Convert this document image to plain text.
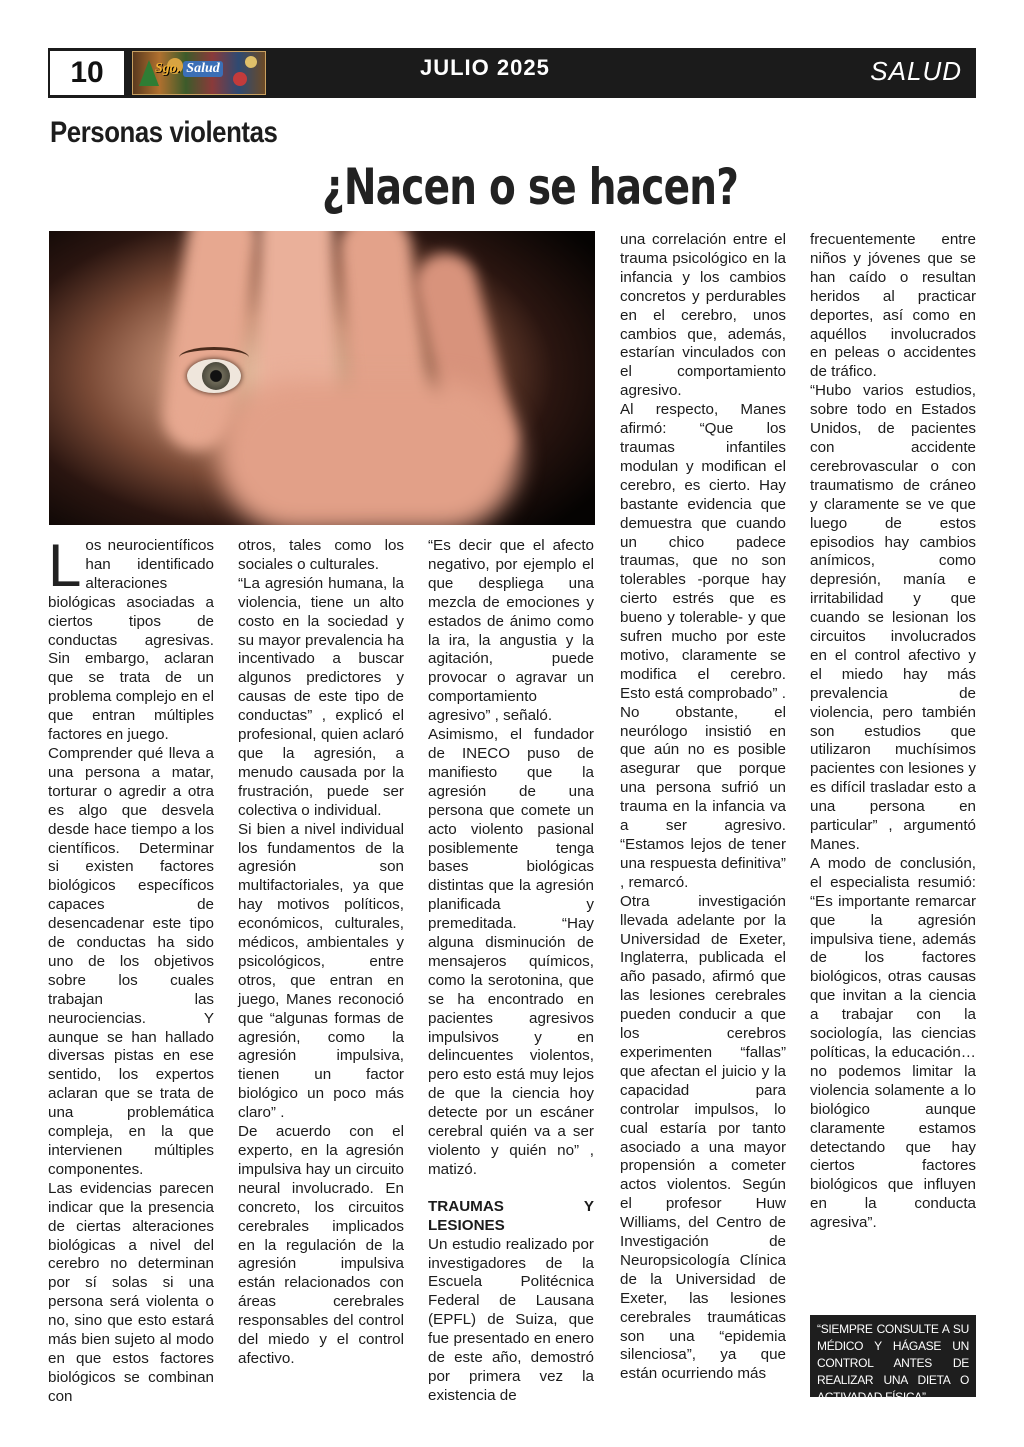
10	Sgo. Salud	JULIO 2025	SALUD
Personas violentas
¿Nacen o se hacen?

Los neurocientíficos han identificado alteraciones biológicas asociadas a ciertos tipos de conductas agresivas. Sin embargo, aclaran que se trata de un problema complejo en el que entran múltiples factores en juego.

Comprender qué lleva a una persona a matar, torturar o agredir a otra es algo que desvela desde hace tiempo a los científicos. Determinar si existen factores biológicos específicos capaces de desencadenar este tipo de conductas ha sido uno de los objetivos sobre los cuales trabajan las neurociencias. Y aunque se han hallado diversas pistas en ese sentido, los expertos aclaran que se trata de una problemática compleja, en la que intervienen múltiples componentes.

Las evidencias parecen indicar que la presencia de ciertas alteraciones biológicas a nivel del cerebro no determinan por sí solas si una persona será violenta o no, sino que esto estará más bien sujeto al modo en que estos factores biológicos se combinan con

otros, tales como los sociales o culturales.

“La agresión humana, la violencia, tiene un alto costo en la sociedad y su mayor prevalencia ha incentivado a buscar algunos predictores y causas de este tipo de conductas” , explicó el profesional, quien aclaró que la agresión, a menudo causada por la frustración, puede ser colectiva o individual.

Si bien a nivel individual los fundamentos de la agresión son multifactoriales, ya que hay motivos políticos, económicos, culturales, médicos, ambientales y psicológicos, entre otros, que entran en juego, Manes reconoció que “algunas formas de agresión, como la agresión impulsiva, tienen un factor biológico un poco más claro” .

De acuerdo con el experto, en la agresión impulsiva hay un circuito neural involucrado. En concreto, los circuitos cerebrales implicados en la regulación de la agresión impulsiva están relacionados con áreas cerebrales responsables del control del miedo y el control afectivo.

“Es decir que el afecto negativo, por ejemplo el que despliega una mezcla de emociones y estados de ánimo como la ira, la angustia y la agitación, puede provocar o agravar un comportamiento agresivo” , señaló.

Asimismo, el fundador de INECO puso de manifiesto que la agresión de una persona que comete un acto violento pasional posiblemente tenga bases biológicas distintas que la agresión planificada y premeditada. “Hay alguna disminución de mensajeros químicos, como la serotonina, que se ha encontrado en pacientes agresivos impulsivos y en delincuentes violentos, pero esto está muy lejos de que la ciencia hoy detecte por un escáner cerebral quién va a ser violento y quién no” , matizó.

TRAUMAS Y LESIONES

Un estudio realizado por investigadores de la Escuela Politécnica Federal de Lausana (EPFL) de Suiza, que fue presentado en enero de este año, demostró por primera vez la existencia de

una correlación entre el trauma psicológico en la infancia y los cambios concretos y perdurables en el cerebro, unos cambios que, además, estarían vinculados con el comportamiento agresivo.

Al respecto, Manes afirmó: “Que los traumas infantiles modulan y modifican el cerebro, es cierto. Hay bastante evidencia que demuestra que cuando un chico padece traumas, que no son tolerables -porque hay cierto estrés que es bueno y tolerable- y que sufren mucho por este motivo, claramente se modifica el cerebro. Esto está comprobado” . No obstante, el neurólogo insistió en que aún no es posible asegurar que porque una persona sufrió un trauma en la infancia va a ser agresivo. “Estamos lejos de tener una respuesta definitiva” , remarcó.

Otra investigación llevada adelante por la Universidad de Exeter, Inglaterra, publicada el año pasado, afirmó que las lesiones cerebrales pueden conducir a que los cerebros experimenten “fallas” que afectan el juicio y la capacidad para controlar impulsos, lo cual estaría por tanto asociado a una mayor propensión a cometer actos violentos. Según el profesor Huw Williams, del Centro de Investigación de Neuropsicología Clínica de la Universidad de Exeter, las lesiones cerebrales traumáticas son una “epidemia silenciosa”, ya que están ocurriendo más

frecuentemente entre niños y jóvenes que se han caído o resultan heridos al practicar deportes, así como en aquéllos involucrados en peleas o accidentes de tráfico.

“Hubo varios estudios, sobre todo en Estados Unidos, de pacientes con accidente cerebrovascular o con traumatismo de cráneo y claramente se ve que luego de estos episodios hay cambios anímicos, como depresión, manía e irritabilidad y que cuando se lesionan los circuitos involucrados en el control afectivo y el miedo hay más prevalencia de violencia, pero también son estudios que utilizaron muchísimos pacientes con lesiones y es difícil trasladar esto a una persona en particular” , argumentó Manes.

A modo de conclusión, el especialista resumió: “Es importante remarcar que la agresión impulsiva tiene, además de los factores biológicos, otras causas que invitan a la ciencia a trabajar con la sociología, las ciencias políticas, la educación… no podemos limitar la violencia solamente a lo biológico aunque claramente estamos detectando que hay ciertos factores biológicos que influyen en la conducta agresiva”.

“SIEMPRE CONSULTE A SU MÉDICO Y HÁGASE UN CONTROL ANTES DE REALIZAR UNA DIETA O ACTIVADAD FÍSICA”
